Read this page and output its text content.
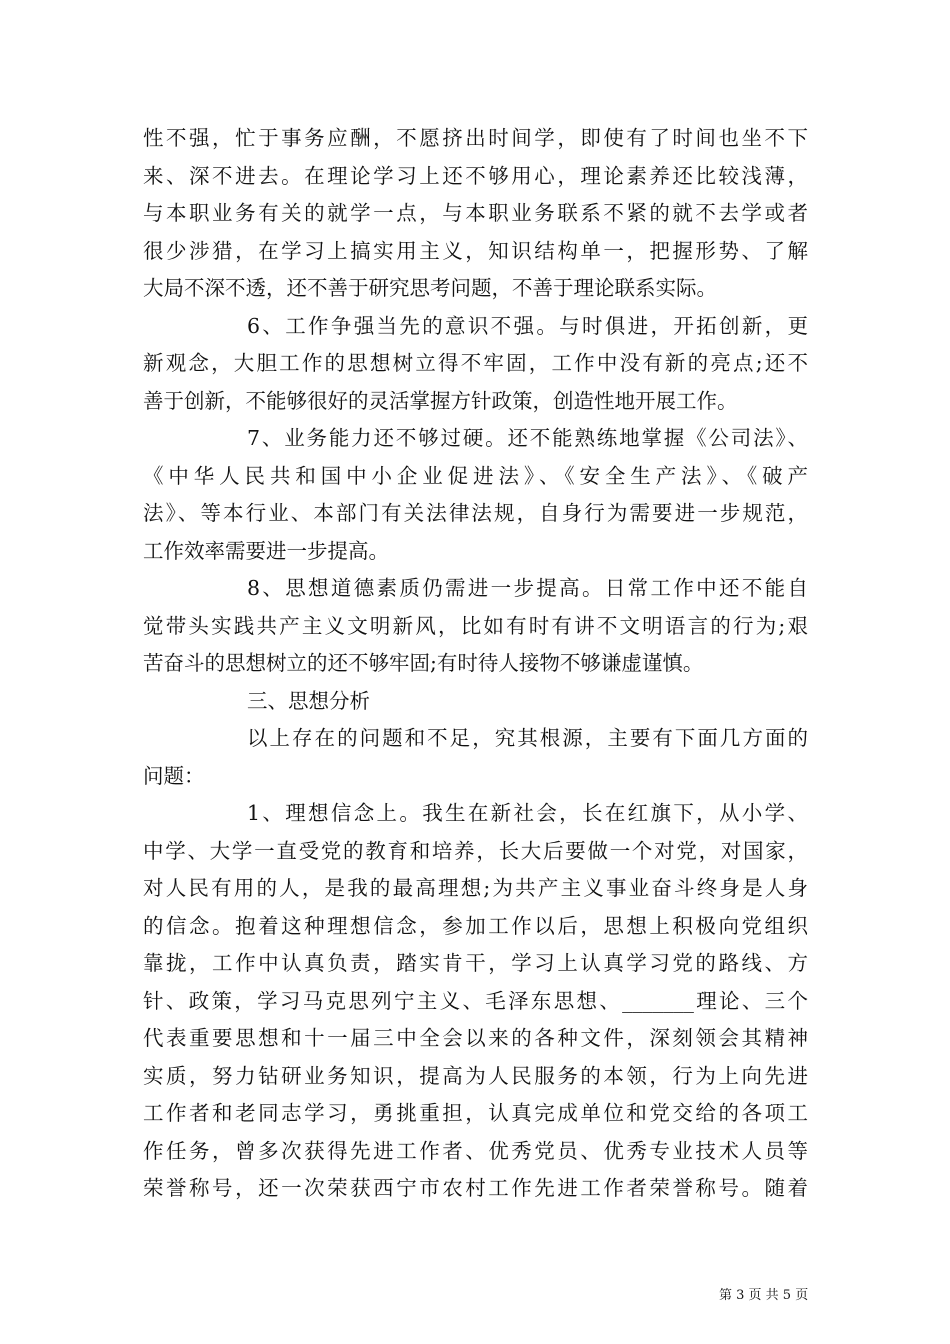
性不强，忙于事务应酬，不愿挤出时间学，即使有了时间也坐不下
来、深不进去。在理论学习上还不够用心，理论素养还比较浅薄，
与本职业务有关的就学一点，与本职业务联系不紧的就不去学或者
很少涉猎，在学习上搞实用主义，知识结构单一，把握形势、了解
大局不深不透，还不善于研究思考问题，不善于理论联系实际。
6、工作争强当先的意识不强。与时俱进，开拓创新，更
新观念，大胆工作的思想树立得不牢固，工作中没有新的亮点;还不
善于创新，不能够很好的灵活掌握方针政策，创造性地开展工作。
7、业务能力还不够过硬。还不能熟练地掌握《公司法》、
《中华人民共和国中小企业促进法》、《安全生产法》、《破产
法》、等本行业、本部门有关法律法规，自身行为需要进一步规范，
工作效率需要进一步提高。
8、思想道德素质仍需进一步提高。日常工作中还不能自
觉带头实践共产主义文明新风，比如有时有讲不文明语言的行为;艰
苦奋斗的思想树立的还不够牢固;有时待人接物不够谦虚谨慎。
三、思想分析
以上存在的问题和不足，究其根源，主要有下面几方面的
问题：
1、理想信念上。我生在新社会，长在红旗下，从小学、
中学、大学一直受党的教育和培养，长大后要做一个对党，对国家，
对人民有用的人，是我的最高理想;为共产主义事业奋斗终身是人身
的信念。抱着这种理想信念，参加工作以后，思想上积极向党组织
靠拢，工作中认真负责，踏实肯干，学习上认真学习党的路线、方
针、政策，学习马克思列宁主义、毛泽东思想、_______理论、三个
代表重要思想和十一届三中全会以来的各种文件，深刻领会其精神
实质，努力钻研业务知识，提高为人民服务的本领，行为上向先进
工作者和老同志学习，勇挑重担，认真完成单位和党交给的各项工
作任务，曾多次获得先进工作者、优秀党员、优秀专业技术人员等
荣誉称号，还一次荣获西宁市农村工作先进工作者荣誉称号。随着
第 3 页 共 5 页
